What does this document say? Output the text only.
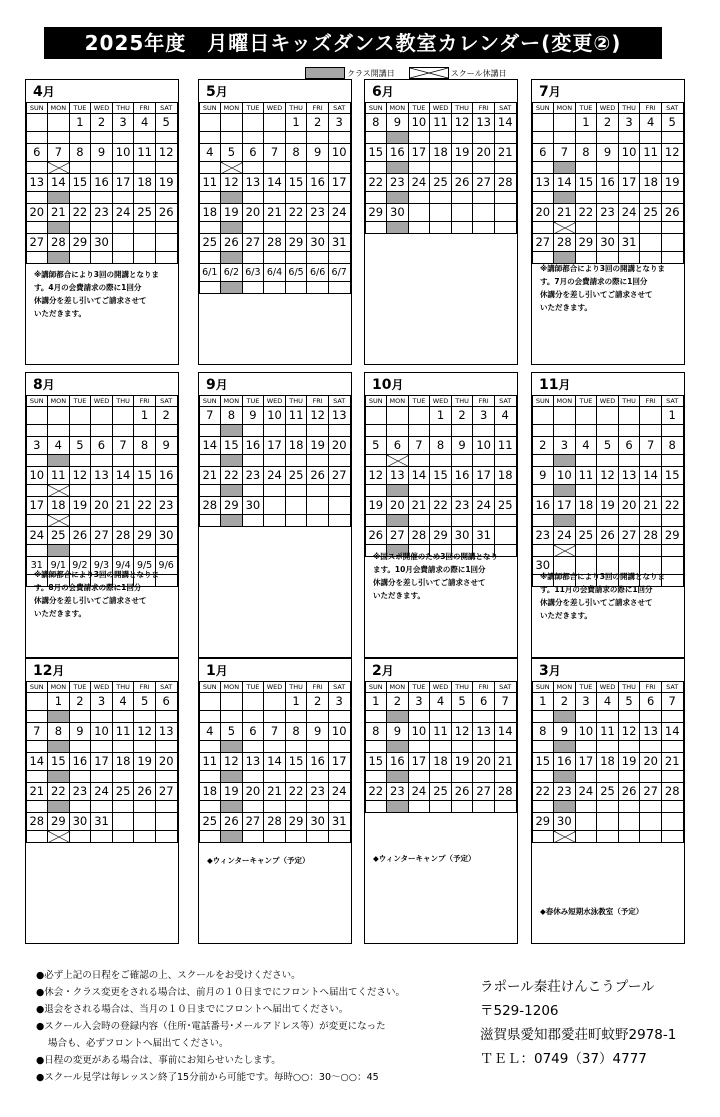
2025年度　月曜日キッズダンス教室カレンダー(変更②)
クラス開講日	スクール休講日
4月
SUN	MON	TUE	WED	THU	FRI	SAT
		1	2	3	4	5

6	7	8	9	10	11	12

13	14	15	16	17	18	19

20	21	22	23	24	25	26

27	28	29	30			

※講師都合により3回の開講となりま
す。4月の会費請求の際に1回分
休講分を差し引いてご請求させて
いただきます。
5月
SUN	MON	TUE	WED	THU	FRI	SAT
				1	2	3

4	5	6	7	8	9	10

11	12	13	14	15	16	17

18	19	20	21	22	23	24

25	26	27	28	29	30	31

6/1	6/2	6/3	6/4	6/5	6/6	6/7

6月
SUN	MON	TUE	WED	THU	FRI	SAT
8	9	10	11	12	13	14

15	16	17	18	19	20	21

22	23	24	25	26	27	28

29	30					

7月
SUN	MON	TUE	WED	THU	FRI	SAT
		1	2	3	4	5

6	7	8	9	10	11	12

13	14	15	16	17	18	19

20	21	22	23	24	25	26

27	28	29	30	31		

※講師都合により3回の開講となりま
す。7月の会費請求の際に1回分
休講分を差し引いてご請求させて
いただきます。
8月
SUN	MON	TUE	WED	THU	FRI	SAT
					1	2

3	4	5	6	7	8	9

10	11	12	13	14	15	16

17	18	19	20	21	22	23

24	25	26	27	28	29	30

31	9/1	9/2	9/3	9/4	9/5	9/6

※講師都合により3回の開講となりま
す。8月の会費請求の際に1回分
休講分を差し引いてご請求させて
いただきます。
9月
SUN	MON	TUE	WED	THU	FRI	SAT
7	8	9	10	11	12	13

14	15	16	17	18	19	20

21	22	23	24	25	26	27

28	29	30				

10月
SUN	MON	TUE	WED	THU	FRI	SAT
			1	2	3	4

5	6	7	8	9	10	11

12	13	14	15	16	17	18

19	20	21	22	23	24	25

26	27	28	29	30	31	

※国スポ開催のため3回の開講となり
ます。10月会費請求の際に1回分
休講分を差し引いてご請求させて
いただきます。
11月
SUN	MON	TUE	WED	THU	FRI	SAT
						1

2	3	4	5	6	7	8

9	10	11	12	13	14	15

16	17	18	19	20	21	22

23	24	25	26	27	28	29

30						

※講師都合により3回の開講となりま
す。11月の会費請求の際に1回分
休講分を差し引いてご請求させて
いただきます。
12月
SUN	MON	TUE	WED	THU	FRI	SAT
	1	2	3	4	5	6

7	8	9	10	11	12	13

14	15	16	17	18	19	20

21	22	23	24	25	26	27

28	29	30	31			

1月
SUN	MON	TUE	WED	THU	FRI	SAT
				1	2	3

4	5	6	7	8	9	10

11	12	13	14	15	16	17

18	19	20	21	22	23	24

25	26	27	28	29	30	31

◆ウィンターキャンプ（予定）
2月
SUN	MON	TUE	WED	THU	FRI	SAT
1	2	3	4	5	6	7

8	9	10	11	12	13	14

15	16	17	18	19	20	21

22	23	24	25	26	27	28

◆ウィンターキャンプ（予定）
3月
SUN	MON	TUE	WED	THU	FRI	SAT
1	2	3	4	5	6	7

8	9	10	11	12	13	14

15	16	17	18	19	20	21

22	23	24	25	26	27	28

29	30					

◆春休み短期水泳教室（予定）
●必ず上記の日程をご確認の上、スクールをお受けください。
●休会・クラス変更をされる場合は、前月の１０日までにフロントへ届出てください。
●退会をされる場合は、当月の１０日までにフロントへ届出てください。
●スクール入会時の登録内容（住所･電話番号･メールアドレス等）が変更になった
場合も、必ずフロントへ届出てください。
●日程の変更がある場合は、事前にお知らせいたします。
●スクール見学は毎レッスン終了15分前から可能です。毎時○○：30～○○：45
ラポール秦荘けんこうプール
〒529-1206
滋賀県愛知郡愛荘町蚊野2978-1
ＴＥＬ：0749（37）4777
